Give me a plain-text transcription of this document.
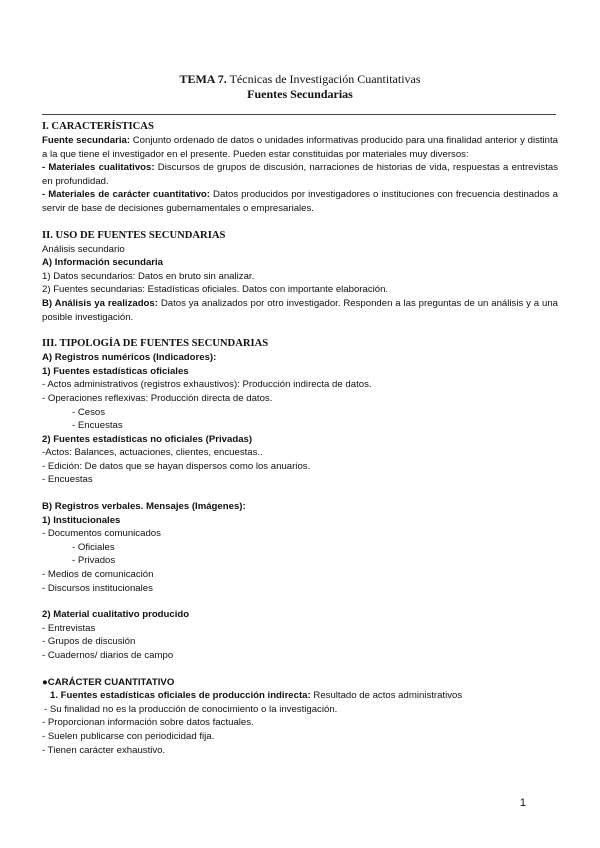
TEMA 7. Técnicas de Investigación Cuantitativas
Fuentes Secundarias
I. CARACTERÍSTICAS

Fuente secundaria: Conjunto ordenado de datos o unidades informativas producido para una finalidad anterior y distinta a la que tiene el investigador en el presente. Pueden estar constituidas por materiales muy diversos:

- Materiales cualitativos: Discursos de grupos de discusión, narraciones de historias de vida, respuestas a entrevistas en profundidad.

- Materiales de carácter cuantitativo: Datos producidos por investigadores o instituciones con frecuencia destinados a servir de base de decisiones gubernamentales o empresariales.

II. USO DE FUENTES SECUNDARIAS
Análisis secundario
A) Información secundaria
1) Datos secundarios: Datos en bruto sin analizar.
2) Fuentes secundarias: Estadísticas oficiales. Datos con importante elaboración.

B) Análisis ya realizados: Datos ya analizados por otro investigador. Responden a las preguntas de un análisis y a una posible investigación.

III. TIPOLOGÍA DE FUENTES SECUNDARIAS
A) Registros numéricos (Indicadores):
1) Fuentes estadísticas oficiales
- Actos administrativos (registros exhaustivos): Producción indirecta de datos.
- Operaciones reflexivas: Producción directa de datos.
- Cesos
- Encuestas
2) Fuentes estadísticas no oficiales (Privadas)
-Actos: Balances, actuaciones, clientes, encuestas..
- Edición: De datos que se hayan dispersos como los anuarios.
- Encuestas
B) Registros verbales. Mensajes (Imágenes):
1) Institucionales
- Documentos comunicados
- Oficiales
- Privados
- Medios de comunicación
- Discursos institucionales
2) Material cualitativo producido
- Entrevistas
- Grupos de discusión
- Cuadernos/ diarios de campo
●CARÁCTER CUANTITATIVO
1. Fuentes estadísticas oficiales de producción indirecta: Resultado de actos administrativos
- Su finalidad no es la producción de conocimiento o la investigación.
- Proporcionan información sobre datos factuales.
- Suelen publicarse con periodicidad fija.
- Tienen carácter exhaustivo.
1
